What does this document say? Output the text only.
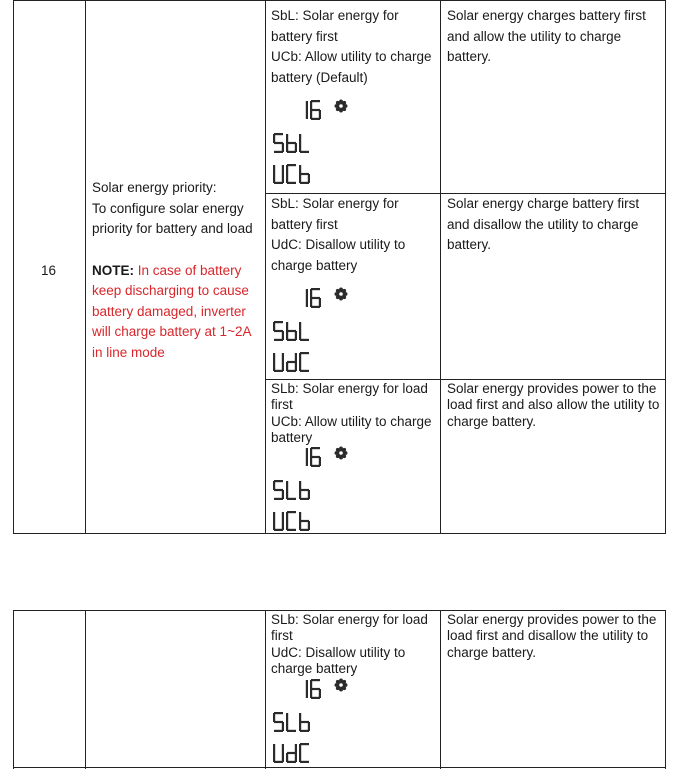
16
Solar energy priority:
To configure solar energy
priority for battery and load
NOTE: In case of battery
keep discharging to cause
battery damaged, inverter
will charge battery at 1~2A
in line mode
SbL: Solar energy for
battery first
UCb: Allow utility to charge
battery (Default)
Solar energy charges battery first
and allow the utility to charge
battery.
SbL: Solar energy for
battery first
UdC: Disallow utility to
charge battery
Solar energy charge battery first
and disallow the utility to charge
battery.
SLb: Solar energy for load
first
UCb: Allow utility to charge
battery
Solar energy provides power to the
load first and also allow the utility to
charge battery.
SLb: Solar energy for load
first
UdC: Disallow utility to
charge battery
Solar energy provides power to the
load first and disallow the utility to
charge battery.
